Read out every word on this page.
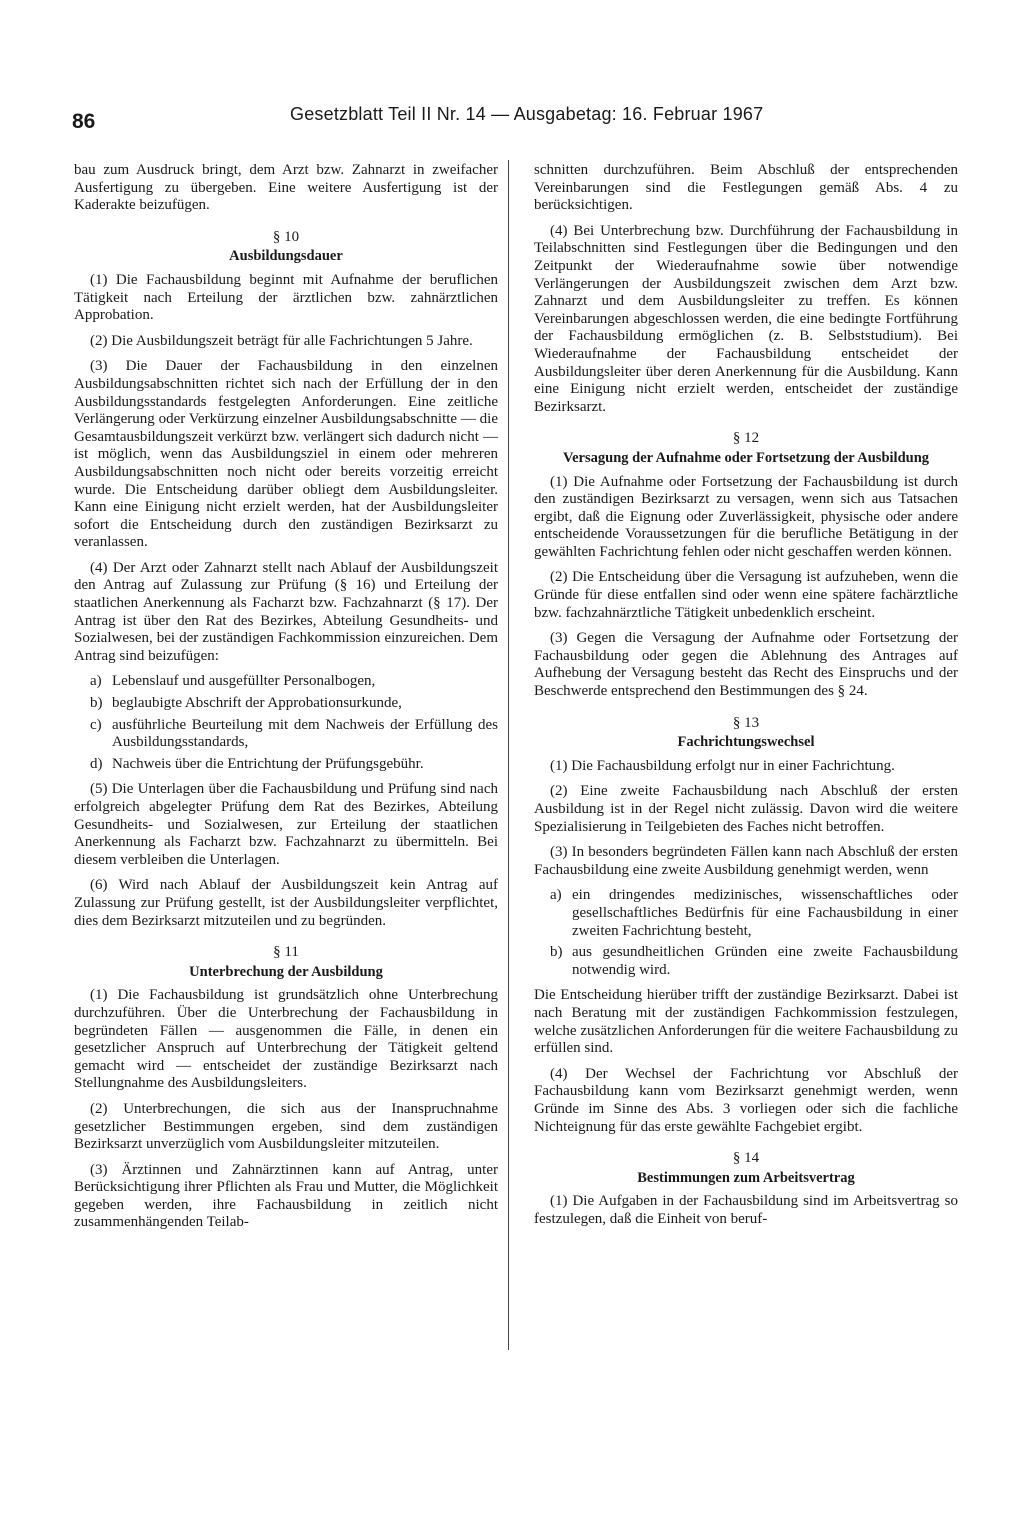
86	Gesetzblatt Teil II Nr. 14 — Ausgabetag: 16. Februar 1967

bau zum Ausdruck bringt, dem Arzt bzw. Zahnarzt in zweifacher Ausfertigung zu übergeben. Eine weitere Ausfertigung ist der Kaderakte beizufügen.

§ 10
Ausbildungsdauer

(1) Die Fachausbildung beginnt mit Aufnahme der beruflichen Tätigkeit nach Erteilung der ärztlichen bzw. zahnärztlichen Approbation.

(2) Die Ausbildungszeit beträgt für alle Fachrichtungen 5 Jahre.

(3) Die Dauer der Fachausbildung in den einzelnen Ausbildungsabschnitten richtet sich nach der Erfüllung der in den Ausbildungsstandards festgelegten Anforderungen. Eine zeitliche Verlängerung oder Verkürzung einzelner Ausbildungsabschnitte — die Gesamtausbildungszeit verkürzt bzw. verlängert sich dadurch nicht — ist möglich, wenn das Ausbildungsziel in einem oder mehreren Ausbildungsabschnitten noch nicht oder bereits vorzeitig erreicht wurde. Die Entscheidung darüber obliegt dem Ausbildungsleiter. Kann eine Einigung nicht erzielt werden, hat der Ausbildungsleiter sofort die Entscheidung durch den zuständigen Bezirksarzt zu veranlassen.

(4) Der Arzt oder Zahnarzt stellt nach Ablauf der Ausbildungszeit den Antrag auf Zulassung zur Prüfung (§ 16) und Erteilung der staatlichen Anerkennung als Facharzt bzw. Fachzahnarzt (§ 17). Der Antrag ist über den Rat des Bezirkes, Abteilung Gesundheits- und Sozialwesen, bei der zuständigen Fachkommission einzureichen. Dem Antrag sind beizufügen:

a) Lebenslauf und ausgefüllter Personalbogen,
b) beglaubigte Abschrift der Approbationsurkunde,
c) ausführliche Beurteilung mit dem Nachweis der Erfüllung des Ausbildungsstandards,
d) Nachweis über die Entrichtung der Prüfungsgebühr.

(5) Die Unterlagen über die Fachausbildung und Prüfung sind nach erfolgreich abgelegter Prüfung dem Rat des Bezirkes, Abteilung Gesundheits- und Sozialwesen, zur Erteilung der staatlichen Anerkennung als Facharzt bzw. Fachzahnarzt zu übermitteln. Bei diesem verbleiben die Unterlagen.

(6) Wird nach Ablauf der Ausbildungszeit kein Antrag auf Zulassung zur Prüfung gestellt, ist der Ausbildungsleiter verpflichtet, dies dem Bezirksarzt mitzuteilen und zu begründen.

§ 11
Unterbrechung der Ausbildung

(1) Die Fachausbildung ist grundsätzlich ohne Unterbrechung durchzuführen. Über die Unterbrechung der Fachausbildung in begründeten Fällen — ausgenommen die Fälle, in denen ein gesetzlicher Anspruch auf Unterbrechung der Tätigkeit geltend gemacht wird — entscheidet der zuständige Bezirksarzt nach Stellungnahme des Ausbildungsleiters.

(2) Unterbrechungen, die sich aus der Inanspruchnahme gesetzlicher Bestimmungen ergeben, sind dem zuständigen Bezirksarzt unverzüglich vom Ausbildungsleiter mitzuteilen.

(3) Ärztinnen und Zahnärztinnen kann auf Antrag, unter Berücksichtigung ihrer Pflichten als Frau und Mutter, die Möglichkeit gegeben werden, ihre Fachausbildung in zeitlich nicht zusammenhängenden Teilab-

schnitten durchzuführen. Beim Abschluß der entsprechenden Vereinbarungen sind die Festlegungen gemäß Abs. 4 zu berücksichtigen.

(4) Bei Unterbrechung bzw. Durchführung der Fachausbildung in Teilabschnitten sind Festlegungen über die Bedingungen und den Zeitpunkt der Wiederaufnahme sowie über notwendige Verlängerungen der Ausbildungszeit zwischen dem Arzt bzw. Zahnarzt und dem Ausbildungsleiter zu treffen. Es können Vereinbarungen abgeschlossen werden, die eine bedingte Fortführung der Fachausbildung ermöglichen (z. B. Selbststudium). Bei Wiederaufnahme der Fachausbildung entscheidet der Ausbildungsleiter über deren Anerkennung für die Ausbildung. Kann eine Einigung nicht erzielt werden, entscheidet der zuständige Bezirksarzt.

§ 12
Versagung der Aufnahme oder Fortsetzung der Ausbildung

(1) Die Aufnahme oder Fortsetzung der Fachausbildung ist durch den zuständigen Bezirksarzt zu versagen, wenn sich aus Tatsachen ergibt, daß die Eignung oder Zuverlässigkeit, physische oder andere entscheidende Voraussetzungen für die berufliche Betätigung in der gewählten Fachrichtung fehlen oder nicht geschaffen werden können.

(2) Die Entscheidung über die Versagung ist aufzuheben, wenn die Gründe für diese entfallen sind oder wenn eine spätere fachärztliche bzw. fachzahnärztliche Tätigkeit unbedenklich erscheint.

(3) Gegen die Versagung der Aufnahme oder Fortsetzung der Fachausbildung oder gegen die Ablehnung des Antrages auf Aufhebung der Versagung besteht das Recht des Einspruchs und der Beschwerde entsprechend den Bestimmungen des § 24.

§ 13
Fachrichtungswechsel

(1) Die Fachausbildung erfolgt nur in einer Fachrichtung.

(2) Eine zweite Fachausbildung nach Abschluß der ersten Ausbildung ist in der Regel nicht zulässig. Davon wird die weitere Spezialisierung in Teilgebieten des Faches nicht betroffen.

(3) In besonders begründeten Fällen kann nach Abschluß der ersten Fachausbildung eine zweite Ausbildung genehmigt werden, wenn

a) ein dringendes medizinisches, wissenschaftliches oder gesellschaftliches Bedürfnis für eine Fachausbildung in einer zweiten Fachrichtung besteht,
b) aus gesundheitlichen Gründen eine zweite Fachausbildung notwendig wird.

Die Entscheidung hierüber trifft der zuständige Bezirksarzt. Dabei ist nach Beratung mit der zuständigen Fachkommission festzulegen, welche zusätzlichen Anforderungen für die weitere Fachausbildung zu erfüllen sind.

(4) Der Wechsel der Fachrichtung vor Abschluß der Fachausbildung kann vom Bezirksarzt genehmigt werden, wenn Gründe im Sinne des Abs. 3 vorliegen oder sich die fachliche Nichteignung für das erste gewählte Fachgebiet ergibt.

§ 14
Bestimmungen zum Arbeitsvertrag

(1) Die Aufgaben in der Fachausbildung sind im Arbeitsvertrag so festzulegen, daß die Einheit von beruf-
